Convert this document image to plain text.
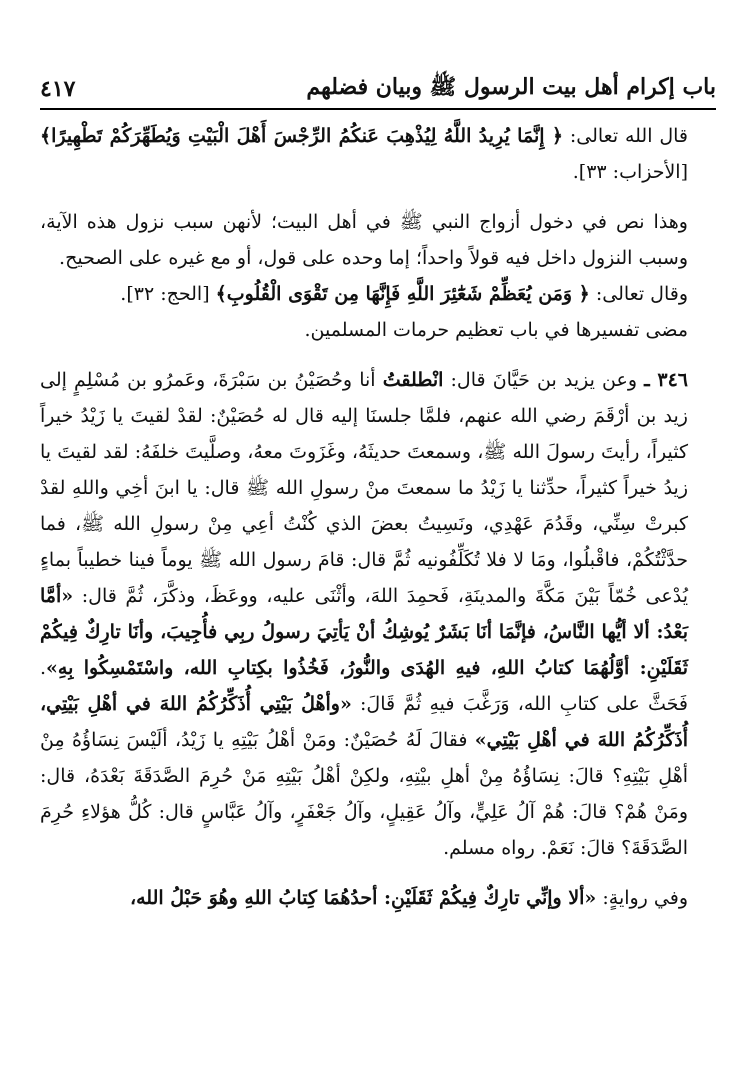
باب إكرام أهل بيت الرسول ﷺ وبيان فضلهم
٤١٧

قال الله تعالى: ﴿ إِنَّمَا يُرِيدُ اللَّهُ لِيُذْهِبَ عَنكُمُ الرِّجْسَ أَهْلَ الْبَيْتِ وَيُطَهِّرَكُمْ تَطْهِيرًا﴾ [الأحزاب: ٣٣].

وهذا نص في دخول أزواج النبي ﷺ في أهل البيت؛ لأنهن سبب نزول هذه الآية، وسبب النزول داخل فيه قولاً واحداً؛ إما وحده على قول، أو مع غيره على الصحيح.

وقال تعالى: ﴿ وَمَن يُعَظِّمْ شَعَٰٓئِرَ اللَّهِ فَإِنَّهَا مِن تَقْوَى الْقُلُوبِ﴾ [الحج: ٣٢].

مضى تفسيرها في باب تعظيم حرمات المسلمين.

٣٤٦ ـ وعن يزيد بن حَيَّانَ قال: انْطلقتُ أنا وحُصَيْنُ بن سَبْرَةَ، وعَمرُو بن مُسْلِمٍ إلى زيد بن أرْقَمَ رضي الله عنهم، فلمَّا جلسنَا إليه قال له حُصَيْنٌ: لقدْ لقيتَ يا زَيْدُ خيراً كثيراً، رأيتَ رسولَ الله ﷺ، وسمعتَ حديثَهُ، وغَزَوتَ معهُ، وصلَّيتَ خلفَهُ: لقد لقيتَ يا زيدُ خيراً كثيراً، حدِّثنا يا زَيْدُ ما سمعتَ منْ رسولِ الله ﷺ قال: يا ابنَ أخِي واللهِ لقدْ كبرتْ سِنِّي، وقَدُمَ عَهْدِي، ونَسِيتُ بعضَ الذي كُنْتُ أعِي مِنْ رسولِ الله ﷺ، فما حدَّثْتُكُمْ، فاقْبلُوا، ومَا لا فلا تُكَلِّفُونيه ثُمَّ قال: قامَ رسول الله ﷺ يوماً فينا خطيباً بماءٍ يُدْعى خُمّاً بَيْنَ مَكَّةَ والمدينَةِ، فَحمِدَ اللهَ، وأثْنَى عليه، ووعَظَ، وذكَّرَ، ثُمَّ قال: «أمَّا بَعْدُ: ألا أيُّها النَّاسُ، فإنَّمَا أنَا بَشَرٌ يُوشِكُ أنْ يَأتِيَ رسولُ ربِي فأُجِيبَ، وأنَا تارِكٌ فِيكُمْ ثَقَلَيْنِ: أوَّلُهُمَا كتابُ اللهِ، فيهِ الهُدَى والنُّورُ، فَخُذُوا بكِتابِ الله، واسْتَمْسِكُوا بِهِ». فَحَثَّ على كتابِ الله، وَرَغَّبَ فيهِ ثُمَّ قَالَ: «وأهْلُ بَيْتِي أُذَكِّرُكُمُ اللهَ في أهْلِ بَيْتِي، أُذَكِّرُكُمُ اللهَ في أهْلِ بَيْتِي» فقالَ لَهُ حُصَيْنٌ: ومَنْ أهْلُ بَيْتِهِ يا زَيْدُ، ألَيْسَ نِسَاؤُهُ مِنْ أهْلِ بَيْتِهِ؟ قالَ: نِسَاؤُهُ مِنْ أهلِ بيْتِهِ، ولكِنْ أهْلُ بَيْتِهِ مَنْ حُرِمَ الصَّدَقَةَ بَعْدَهُ، قال: ومَنْ هُمْ؟ قالَ: هُمْ آلُ عَلِيٍّ، وآلُ عَقِيلٍ، وآلُ جَعْفَرٍ، وآلُ عَبَّاسٍ قال: كُلُّ هؤلاءِ حُرِمَ الصَّدَقَةَ؟ قالَ: نَعَمْ. رواه مسلم.

وفي روايةٍ: «ألا وإنِّي تارِكٌ فِيكُمْ ثَقَلَيْنِ: أحدُهُمَا كِتابُ اللهِ وهُوَ حَبْلُ الله،
